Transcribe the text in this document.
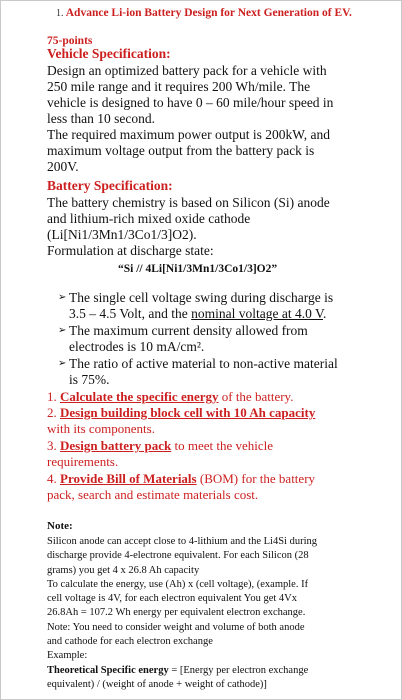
1. Advance Li-ion Battery Design for Next Generation of EV.
75-points
Vehicle Specification:
Design an optimized battery pack for a vehicle with
250 mile range and it requires 200 Wh/mile. The
vehicle is designed to have 0 – 60 mile/hour speed in
less than 10 second.
The required maximum power output is 200kW, and
maximum voltage output from the battery pack is
200V.
Battery Specification:
The battery chemistry is based on Silicon (Si) anode
and lithium-rich mixed oxide cathode
(Li[Ni1/3Mn1/3Co1/3]O2).
Formulation at discharge state:
“Si // 4Li[Ni1/3Mn1/3Co1/3]O2”
➢ The single cell voltage swing during discharge is
3.5 – 4.5 Volt, and the nominal voltage at 4.0 V.
➢ The maximum current density allowed from
electrodes is 10 mA/cm².
➢ The ratio of active material to non-active material
is 75%.
1. Calculate the specific energy of the battery.
2. Design building block cell with 10 Ah capacity
with its components.
3. Design battery pack to meet the vehicle
requirements.
4. Provide Bill of Materials (BOM) for the battery
pack, search and estimate materials cost.
Note:
Silicon anode can accept close to 4-lithium and the Li4Si during
discharge provide 4-electrone equivalent. For each Silicon (28
grams) you get 4 x 26.8 Ah capacity
To calculate the energy, use (Ah) x (cell voltage), (example. If
cell voltage is 4V, for each electron equivalent You get 4Vx
26.8Ah = 107.2 Wh energy per equivalent electron exchange.
Note: You need to consider weight and volume of both anode
and cathode for each electron exchange
Example:
Theoretical Specific energy = [Energy per electron exchange
equivalent) / (weight of anode + weight of cathode)]
